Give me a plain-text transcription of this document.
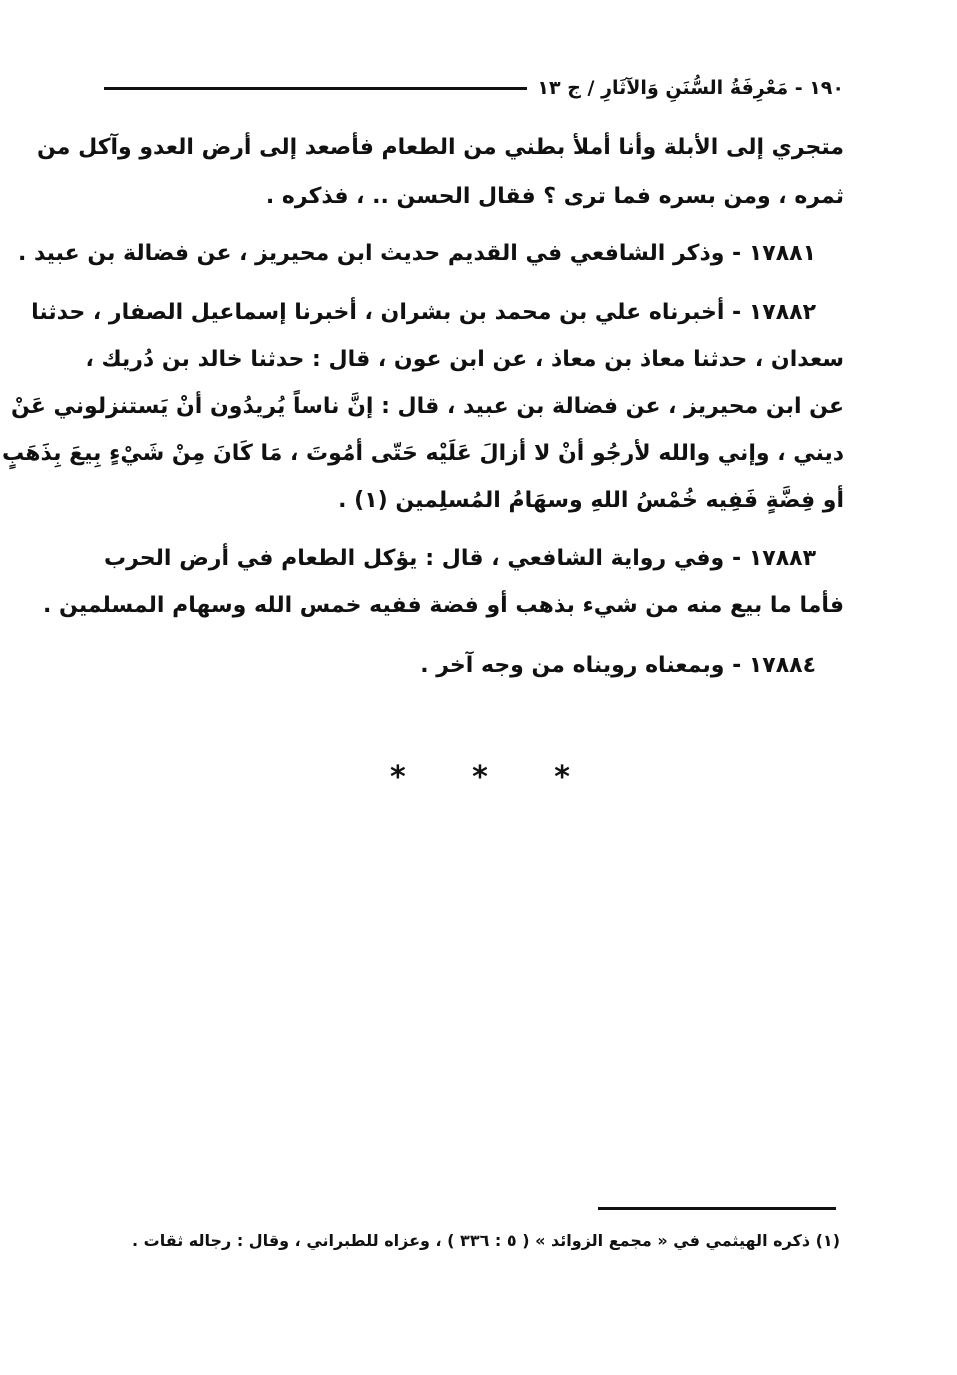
١٩٠ - مَعْرِفَةُ السُّنَنِ وَالآثَارِ / ج ١٣
متجري إلى الأبلة وأنا أملأ بطني من الطعام فأصعد إلى أرض العدو وآكل من
ثمره ، ومن بسره فما ترى ؟ فقال الحسن .. ، فذكره .
١٧٨٨١ - وذكر الشافعي في القديم حديث ابن محيريز ، عن فضالة بن عبيد .
١٧٨٨٢ - أخبرناه علي بن محمد بن بشران ، أخبرنا إسماعيل الصفار ، حدثنا
سعدان ، حدثنا معاذ بن معاذ ، عن ابن عون ، قال : حدثنا خالد بن دُريك ،
عن ابن محيريز ، عن فضالة بن عبيد ، قال : إنَّ ناساً يُريدُون أنْ يَستنزلوني عَنْ
ديني ، وإني والله لأرجُو أنْ لا أزالَ عَلَيْه حَتّى أمُوتَ ، مَا كَانَ مِنْ شَيْءٍ بِيعَ بِذَهَبٍ
أو فِضَّةٍ فَفِيه خُمْسُ اللهِ وسهَامُ المُسلِمين (١) .
١٧٨٨٣ - وفي رواية الشافعي ، قال : يؤكل الطعام في أرض الحرب
فأما ما بيع منه من شيء بذهب أو فضة ففيه خمس الله وسهام المسلمين .
١٧٨٨٤ - وبمعناه رويناه من وجه آخر .
* * *
(١) ذكره الهيثمي في « مجمع الزوائد » ( ٥ : ٣٣٦ ) ، وعزاه للطبراني ، وقال : رجاله ثقات .
